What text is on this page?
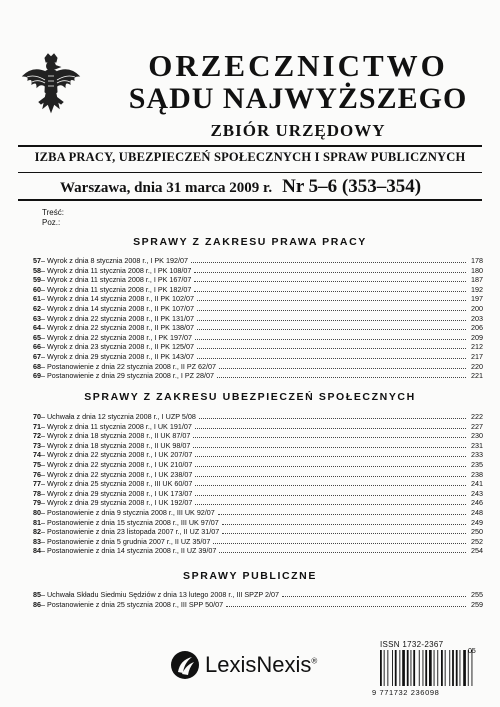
ORZECZNICTWO
SĄDU NAJWYŻSZEGO
ZBIÓR URZĘDOWY
IZBA PRACY, UBEZPIECZEŃ SPOŁECZNYCH I SPRAW PUBLICZNYCH
Warszawa, dnia 31 marca 2009 r. Nr 5–6 (353–354)
Treść:
Poz.:
SPRAWY Z ZAKRESU PRAWA PRACY
57 – Wyrok z dnia 8 stycznia 2008 r., I PK 192/07	178
58 – Wyrok z dnia 11 stycznia 2008 r., I PK 108/07	180
59 – Wyrok z dnia 11 stycznia 2008 r., I PK 167/07	187
60 – Wyrok z dnia 11 stycznia 2008 r., I PK 182/07	192
61 – Wyrok z dnia 14 stycznia 2008 r., II PK 102/07	197
62 – Wyrok z dnia 14 stycznia 2008 r., II PK 107/07	200
63 – Wyrok z dnia 22 stycznia 2008 r., II PK 131/07	203
64 – Wyrok z dnia 22 stycznia 2008 r., II PK 138/07	206
65 – Wyrok z dnia 22 stycznia 2008 r., I PK 197/07	209
66 – Wyrok z dnia 23 stycznia 2008 r., II PK 125/07	212
67 – Wyrok z dnia 29 stycznia 2008 r., II PK 143/07	217
68 – Postanowienie z dnia 22 stycznia 2008 r., II PZ 62/07	220
69 – Postanowienie z dnia 29 stycznia 2008 r., I PZ 28/07	221
SPRAWY Z ZAKRESU UBEZPIECZEŃ SPOŁECZNYCH
70 – Uchwała z dnia 12 stycznia 2008 r., I UZP 5/08	222
71 – Wyrok z dnia 11 stycznia 2008 r., I UK 191/07	227
72 – Wyrok z dnia 18 stycznia 2008 r., II UK 87/07	230
73 – Wyrok z dnia 18 stycznia 2008 r., II UK 98/07	231
74 – Wyrok z dnia 22 stycznia 2008 r., I UK 207/07	233
75 – Wyrok z dnia 22 stycznia 2008 r., I UK 210/07	235
76 – Wyrok z dnia 22 stycznia 2008 r., I UK 238/07	238
77 – Wyrok z dnia 25 stycznia 2008 r., III UK 60/07	241
78 – Wyrok z dnia 29 stycznia 2008 r., I UK 173/07	243
79 – Wyrok z dnia 29 stycznia 2008 r., I UK 192/07	246
80 – Postanowienie z dnia 9 stycznia 2008 r., III UK 92/07	248
81 – Postanowienie z dnia 15 stycznia 2008 r., III UK 97/07	249
82 – Postanowienie z dnia 23 listopada 2007 r., II UZ 31/07	250
83 – Postanowienie z dnia 5 grudnia 2007 r., II UZ 35/07	252
84 – Postanowienie z dnia 14 stycznia 2008 r., II UZ 39/07	254
SPRAWY PUBLICZNE
85 – Uchwała Składu Siedmiu Sędziów z dnia 13 lutego 2008 r., III SPZP 2/07	255
86 – Postanowienie z dnia 25 stycznia 2008 r., III SPP 50/07	259
LexisNexis®
ISSN 1732-2367
05
9 771732 236098
